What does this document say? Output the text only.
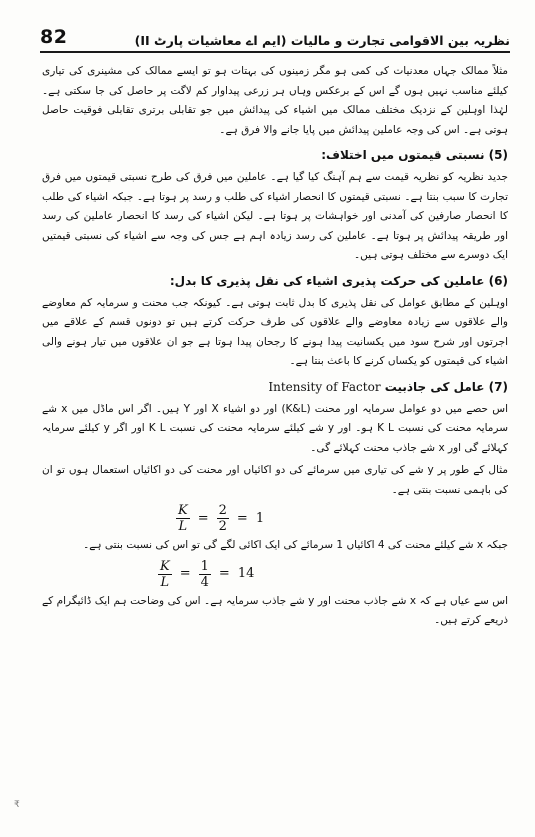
82	نظریہ بین الاقوامی تجارت و مالیات (ایم اے معاشیات پارٹ II)

مثلاً ممالک جہاں معدنیات کی کمی ہو مگر زمینوں کی بہتات ہو تو ایسے ممالک کی مشینری کی تیاری کیلئے مناسب نہیں ہوں گے اس کے برعکس وہاں ہر زرعی پیداوار کم لاگت پر حاصل کی جا سکتی ہے۔ لہٰذا اوہلین کے نزدیک مختلف ممالک میں اشیاء کی پیدائش میں جو تقابلی برتری تقابلی فوقیت حاصل ہوتی ہے۔ اس کی وجہ عاملین پیدائش میں پایا جانے والا فرق ہے۔

(5) نسبتی قیمتوں میں اختلاف:

جدید نظریہ کو نظریہ قیمت سے ہم آہنگ کیا گیا ہے۔ عاملین میں فرق کی طرح نسبتی قیمتوں میں فرق تجارت کا سبب بنتا ہے۔ نسبتی قیمتوں کا انحصار اشیاء کی طلب و رسد پر ہوتا ہے۔ جبکہ اشیاء کی طلب کا انحصار صارفین کی آمدنی اور خواہشات پر ہوتا ہے۔ لیکن اشیاء کی رسد کا انحصار عاملین کی رسد اور طریقہ پیدائش پر ہوتا ہے۔ عاملین کی رسد زیادہ اہم ہے جس کی وجہ سے اشیاء کی نسبتی قیمتیں ایک دوسرے سے مختلف ہوتی ہیں۔

(6) عاملین کی حرکت پذیری اشیاء کی نقل پذیری کا بدل:

اوہلین کے مطابق عوامل کی نقل پذیری کا بدل ثابت ہوتی ہے۔ کیونکہ جب محنت و سرمایہ کم معاوضے والے علاقوں سے زیادہ معاوضے والے علاقوں کی طرف حرکت کرتے ہیں تو دونوں قسم کے علاقے میں اجرتوں اور شرح سود میں یکسانیت پیدا ہونے کا رجحان پیدا ہوتا ہے جو ان علاقوں میں تیار ہونے والی اشیاء کی قیمتوں کو یکساں کرنے کا باعث بنتا ہے۔

(7) عامل کی جاذبیت Intensity of Factor

اس حصے میں دو عوامل سرمایہ اور محنت (K&L) اور دو اشیاء X اور Y ہیں۔ اگر اس ماڈل میں x شے سرمایہ محنت کی نسبت K L ہو۔ اور y شے کیلئے سرمایہ محنت کی نسبت K L اور اگر y کیلئے سرمایہ کہلائے گی اور x شے جاذب محنت کہلائے گی۔

مثال کے طور پر y شے کی تیاری میں سرمائے کی دو اکائیاں اور محنت کی دو اکائیاں استعمال ہوں تو ان کی باہمی نسبت بنتی ہے۔

$\frac{K}{L} = \frac{2}{2} = 1$

جبکہ x شے کیلئے محنت کی 4 اکائیاں 1 سرمائے کی ایک اکائی لگے گی تو اس کی نسبت بنتی ہے۔

$\frac{K}{L} = \frac{1}{4} = 14$

اس سے عیاں ہے کہ x شے جاذب محنت اور y شے جاذب سرمایہ ہے۔ اس کی وضاحت ہم ایک ڈائیگرام کے ذریعے کرتے ہیں۔

₹
